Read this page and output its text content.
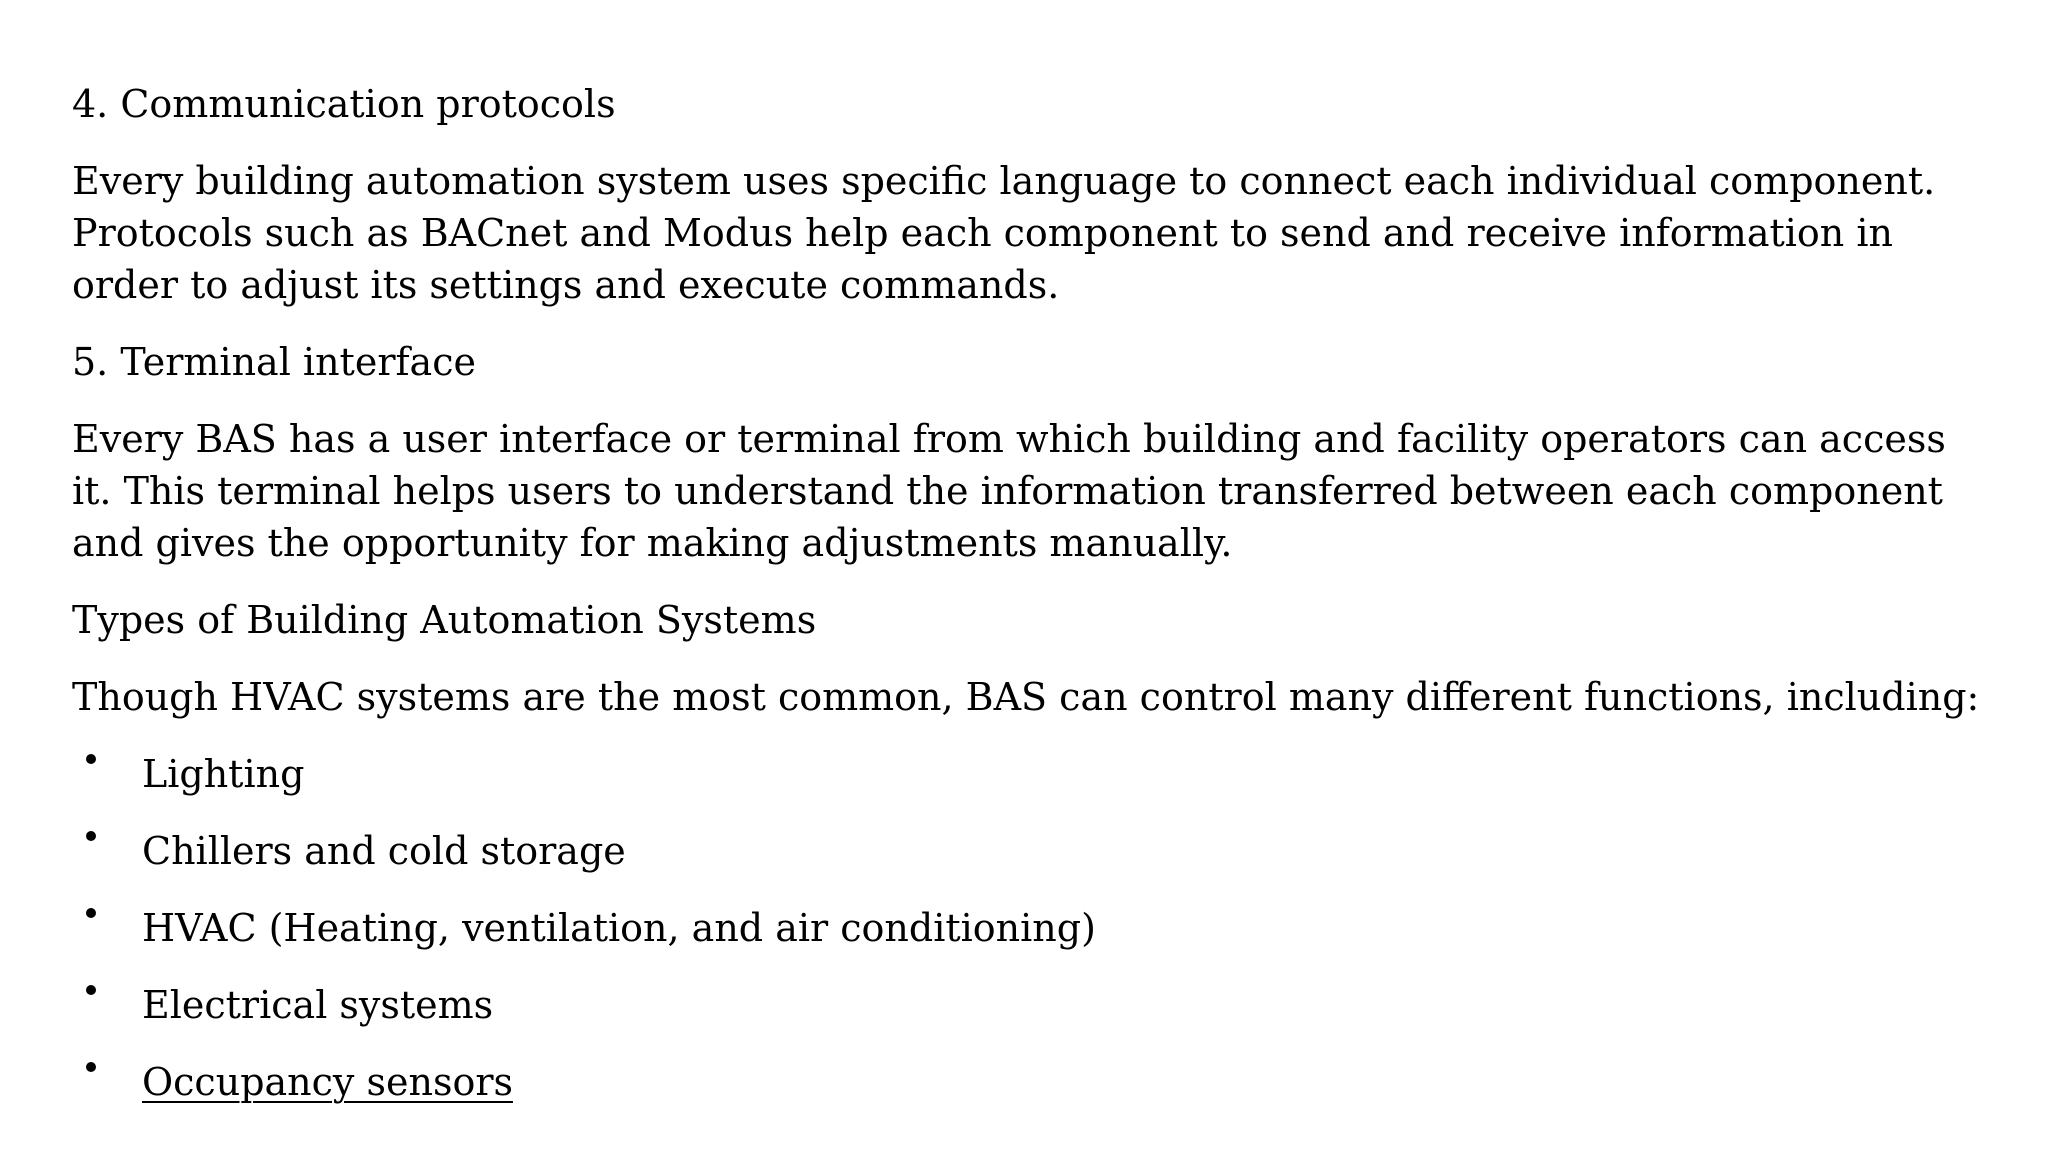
4. Communication protocols

Every building automation system uses specific language to connect each individual component. Protocols such as BACnet and Modus help each component to send and receive information in order to adjust its settings and execute commands.

5. Terminal interface

Every BAS has a user interface or terminal from which building and facility operators can access it. This terminal helps users to understand the information transferred between each component and gives the opportunity for making adjustments manually.

Types of Building Automation Systems

Though HVAC systems are the most common, BAS can control many different functions, including:

Lighting
Chillers and cold storage
HVAC (Heating, ventilation, and air conditioning)
Electrical systems
Occupancy sensors
